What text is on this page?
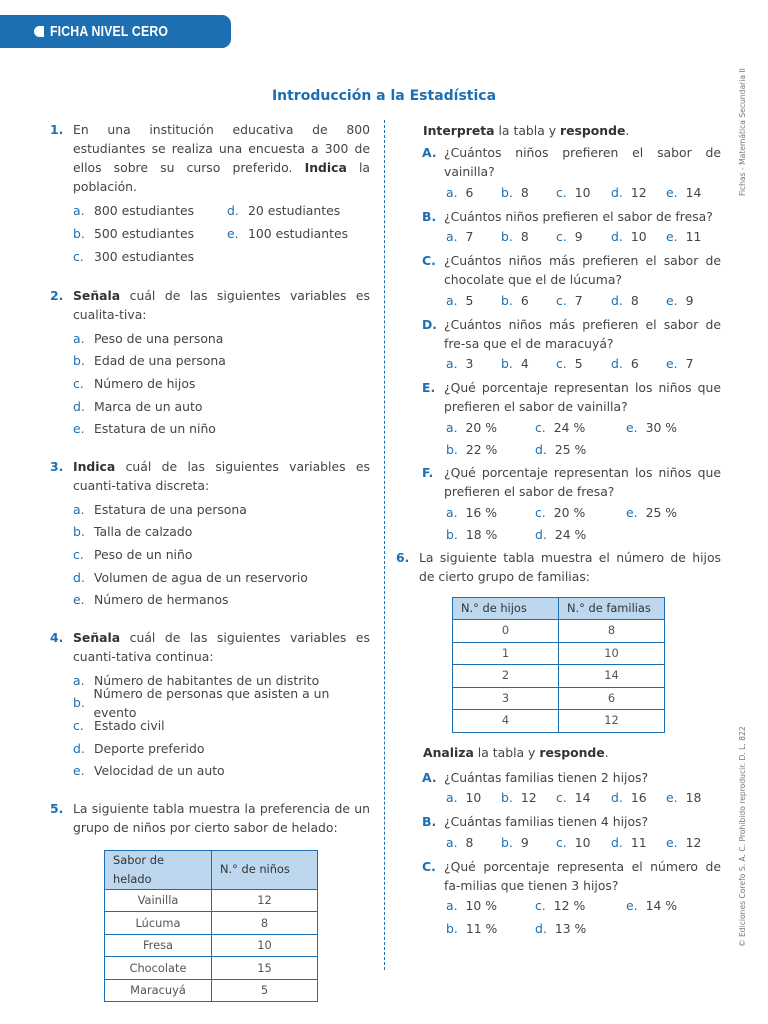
FICHA NIVEL CERO
Fichas - Matemática Secundaria II
© Ediciones Corefo S. A. C. Prohibido reproducir. D. L. 822
Introducción a la Estadística
1. En una institución educativa de 800 estudiantes se realiza una encuesta a 300 de ellos sobre su curso preferido. Indica la población.
a. 800 estudiantes	d. 20 estudiantes
b. 500 estudiantes	e. 100 estudiantes
c. 300 estudiantes
2. Señala cuál de las siguientes variables es cualita-tiva:
a. Peso de una persona
b. Edad de una persona
c. Número de hijos
d. Marca de un auto
e. Estatura de un niño
3. Indica cuál de las siguientes variables es cuanti-tativa discreta:
a. Estatura de una persona
b. Talla de calzado
c. Peso de un niño
d. Volumen de agua de un reservorio
e. Número de hermanos
4. Señala cuál de las siguientes variables es cuanti-tativa continua:
a. Número de habitantes de un distrito
b.
Número de personas que asisten a un evento
c. Estado civil
d. Deporte preferido
e. Velocidad de un auto
5. La siguiente tabla muestra la preferencia de un grupo de niños por cierto sabor de helado:
Sabor de helado	N.° de niños
Vainilla	12
Lúcuma	8
Fresa	10
Chocolate	15
Maracuyá	5
Interpreta la tabla y responde.
A. ¿Cuántos niños prefieren el sabor de vainilla?
a. 6	b. 8	c. 10	d. 12	e. 14
B. ¿Cuántos niños prefieren el sabor de fresa?
a. 7	b. 8	c. 9	d. 10	e. 11
C. ¿Cuántos niños más prefieren el sabor de chocolate que el de lúcuma?
a. 5	b. 6	c. 7	d. 8	e. 9
D. ¿Cuántos niños más prefieren el sabor de fre-sa que el de maracuyá?
a. 3	b. 4	c. 5	d. 6	e. 7
E. ¿Qué porcentaje representan los niños que prefieren el sabor de vainilla?
a. 20 %	c. 24 %	e. 30 %
b. 22 %	d. 25 %
F. ¿Qué porcentaje representan los niños que prefieren el sabor de fresa?
a. 16 %	c. 20 %	e. 25 %
b. 18 %	d. 24 %
6. La siguiente tabla muestra el número de hijos de cierto grupo de familias:
N.° de hijos	N.° de familias
0	8
1	10
2	14
3	6
4	12
Analiza la tabla y responde.
A. ¿Cuántas familias tienen 2 hijos?
a. 10	b. 12	c. 14	d. 16	e. 18
B. ¿Cuántas familias tienen 4 hijos?
a. 8	b. 9	c. 10	d. 11	e. 12
C. ¿Qué porcentaje representa el número de fa-milias que tienen 3 hijos?
a. 10 %	c. 12 %	e. 14 %
b. 11 %	d. 13 %
